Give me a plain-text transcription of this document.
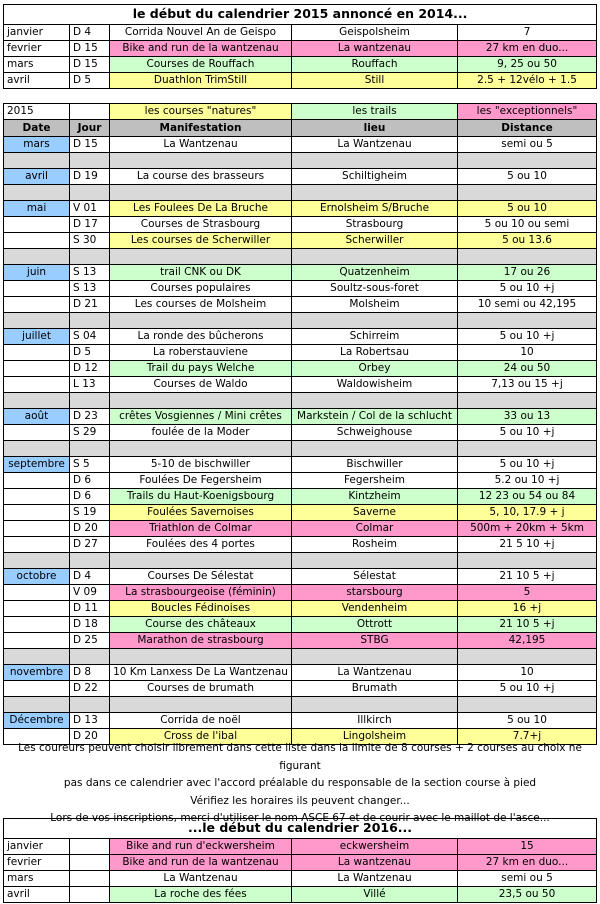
le début du calendrier 2015 annoncé en 2014...				
janvier	D 4	Corrida Nouvel An de Geispo	Geispolsheim	7
fevrier	D 15	Bike and run de la wantzenau	La wantzenau	27 km en duo...
mars	D 15	Courses de Rouffach	Rouffach	9, 25 ou 50
avril	D 5	Duathlon TrimStill	Still	2.5 + 12vélo + 1.5
2015		les courses "natures"	les trails	les "exceptionnels"
Date	Jour	Manifestation	lieu	Distance
mars	D 15	La Wantzenau	La Wantzenau	semi ou 5

avril	D 19	La course des brasseurs	Schiltigheim	5 ou 10

mai	V 01	Les Foulees De La Bruche	Ernolsheim S/Bruche	5 ou 10
	D 17	Courses de Strasbourg	Strasbourg	5 ou 10 ou semi
	S 30	Les courses de Scherwiller	Scherwiller	5 ou 13.6

juin	S 13	trail CNK ou DK	Quatzenheim	17 ou 26
	S 13	Courses populaires	Soultz-sous-foret	5 ou 10 +j
	D 21	Les courses de Molsheim	Molsheim	10 semi ou 42,195

juillet	S 04	La ronde des bûcherons	Schirreim	5 ou 10 +j
	D 5	La roberstauviene	La Robertsau	10
	D 12	Trail du pays Welche	Orbey	24 ou 50
	L 13	Courses de Waldo	Waldowisheim	7,13 ou 15 +j

août	D 23	crêtes Vosgiennes / Mini crêtes	Markstein / Col de la schlucht	33 ou 13
	S 29	foulée de la Moder	Schweighouse	5 ou 10 +j

septembre	S 5	5-10 de bischwiller	Bischwiller	5 ou 10 +j
	D 6	Foulées De Fegersheim	Fegersheim	5.2 ou 10 +j
	D 6	Trails du Haut-Koenigsbourg	Kintzheim	12 23 ou 54 ou 84
	S 19	Foulées Savernoises	Saverne	5, 10, 17.9 + j
	D 20	Triathlon de Colmar	Colmar	500m + 20km + 5km
	D 27	Foulées des 4 portes	Rosheim	21 5 10 +j

octobre	D 4	Courses De Sélestat	Sélestat	21 10 5 +j
	V 09	La strasbourgeoise (féminin)	starsbourg	5
	D 11	Boucles Fédinoises	Vendenheim	16 +j
	D 18	Course des châteaux	Ottrott	21 10 5 +j
	D 25	Marathon de strasbourg	STBG	42,195

novembre	D 8	10 Km Lanxess De La Wantzenau	La Wantzenau	10
	D 22	Courses de brumath	Brumath	5 ou 10 +j

Décembre	D 13	Corrida de noël	Illkirch	5 ou 10
	D 20	Cross de l'ibal	Lingolsheim	7.7+j

Les coureurs peuvent choisir librement dans cette liste dans la limite de 8 courses + 2 courses au choix ne figurant

pas dans ce calendrier avec l'accord préalable du responsable de la section course à pied

Vérifiez les horaires ils peuvent changer...

Lors de vos inscriptions, merci d'utiliser le nom ASCE 67 et de courir avec le maillot de l'asce...

...le début du calendrier 2016...				
janvier		Bike and run d'eckwersheim	eckwersheim	15
fevrier		Bike and run de la wantzenau	La wantzenau	27 km en duo...
mars		La Wantzenau	La Wantzenau	semi ou 5
avril		La roche des fées	Villé	23,5 ou 50
